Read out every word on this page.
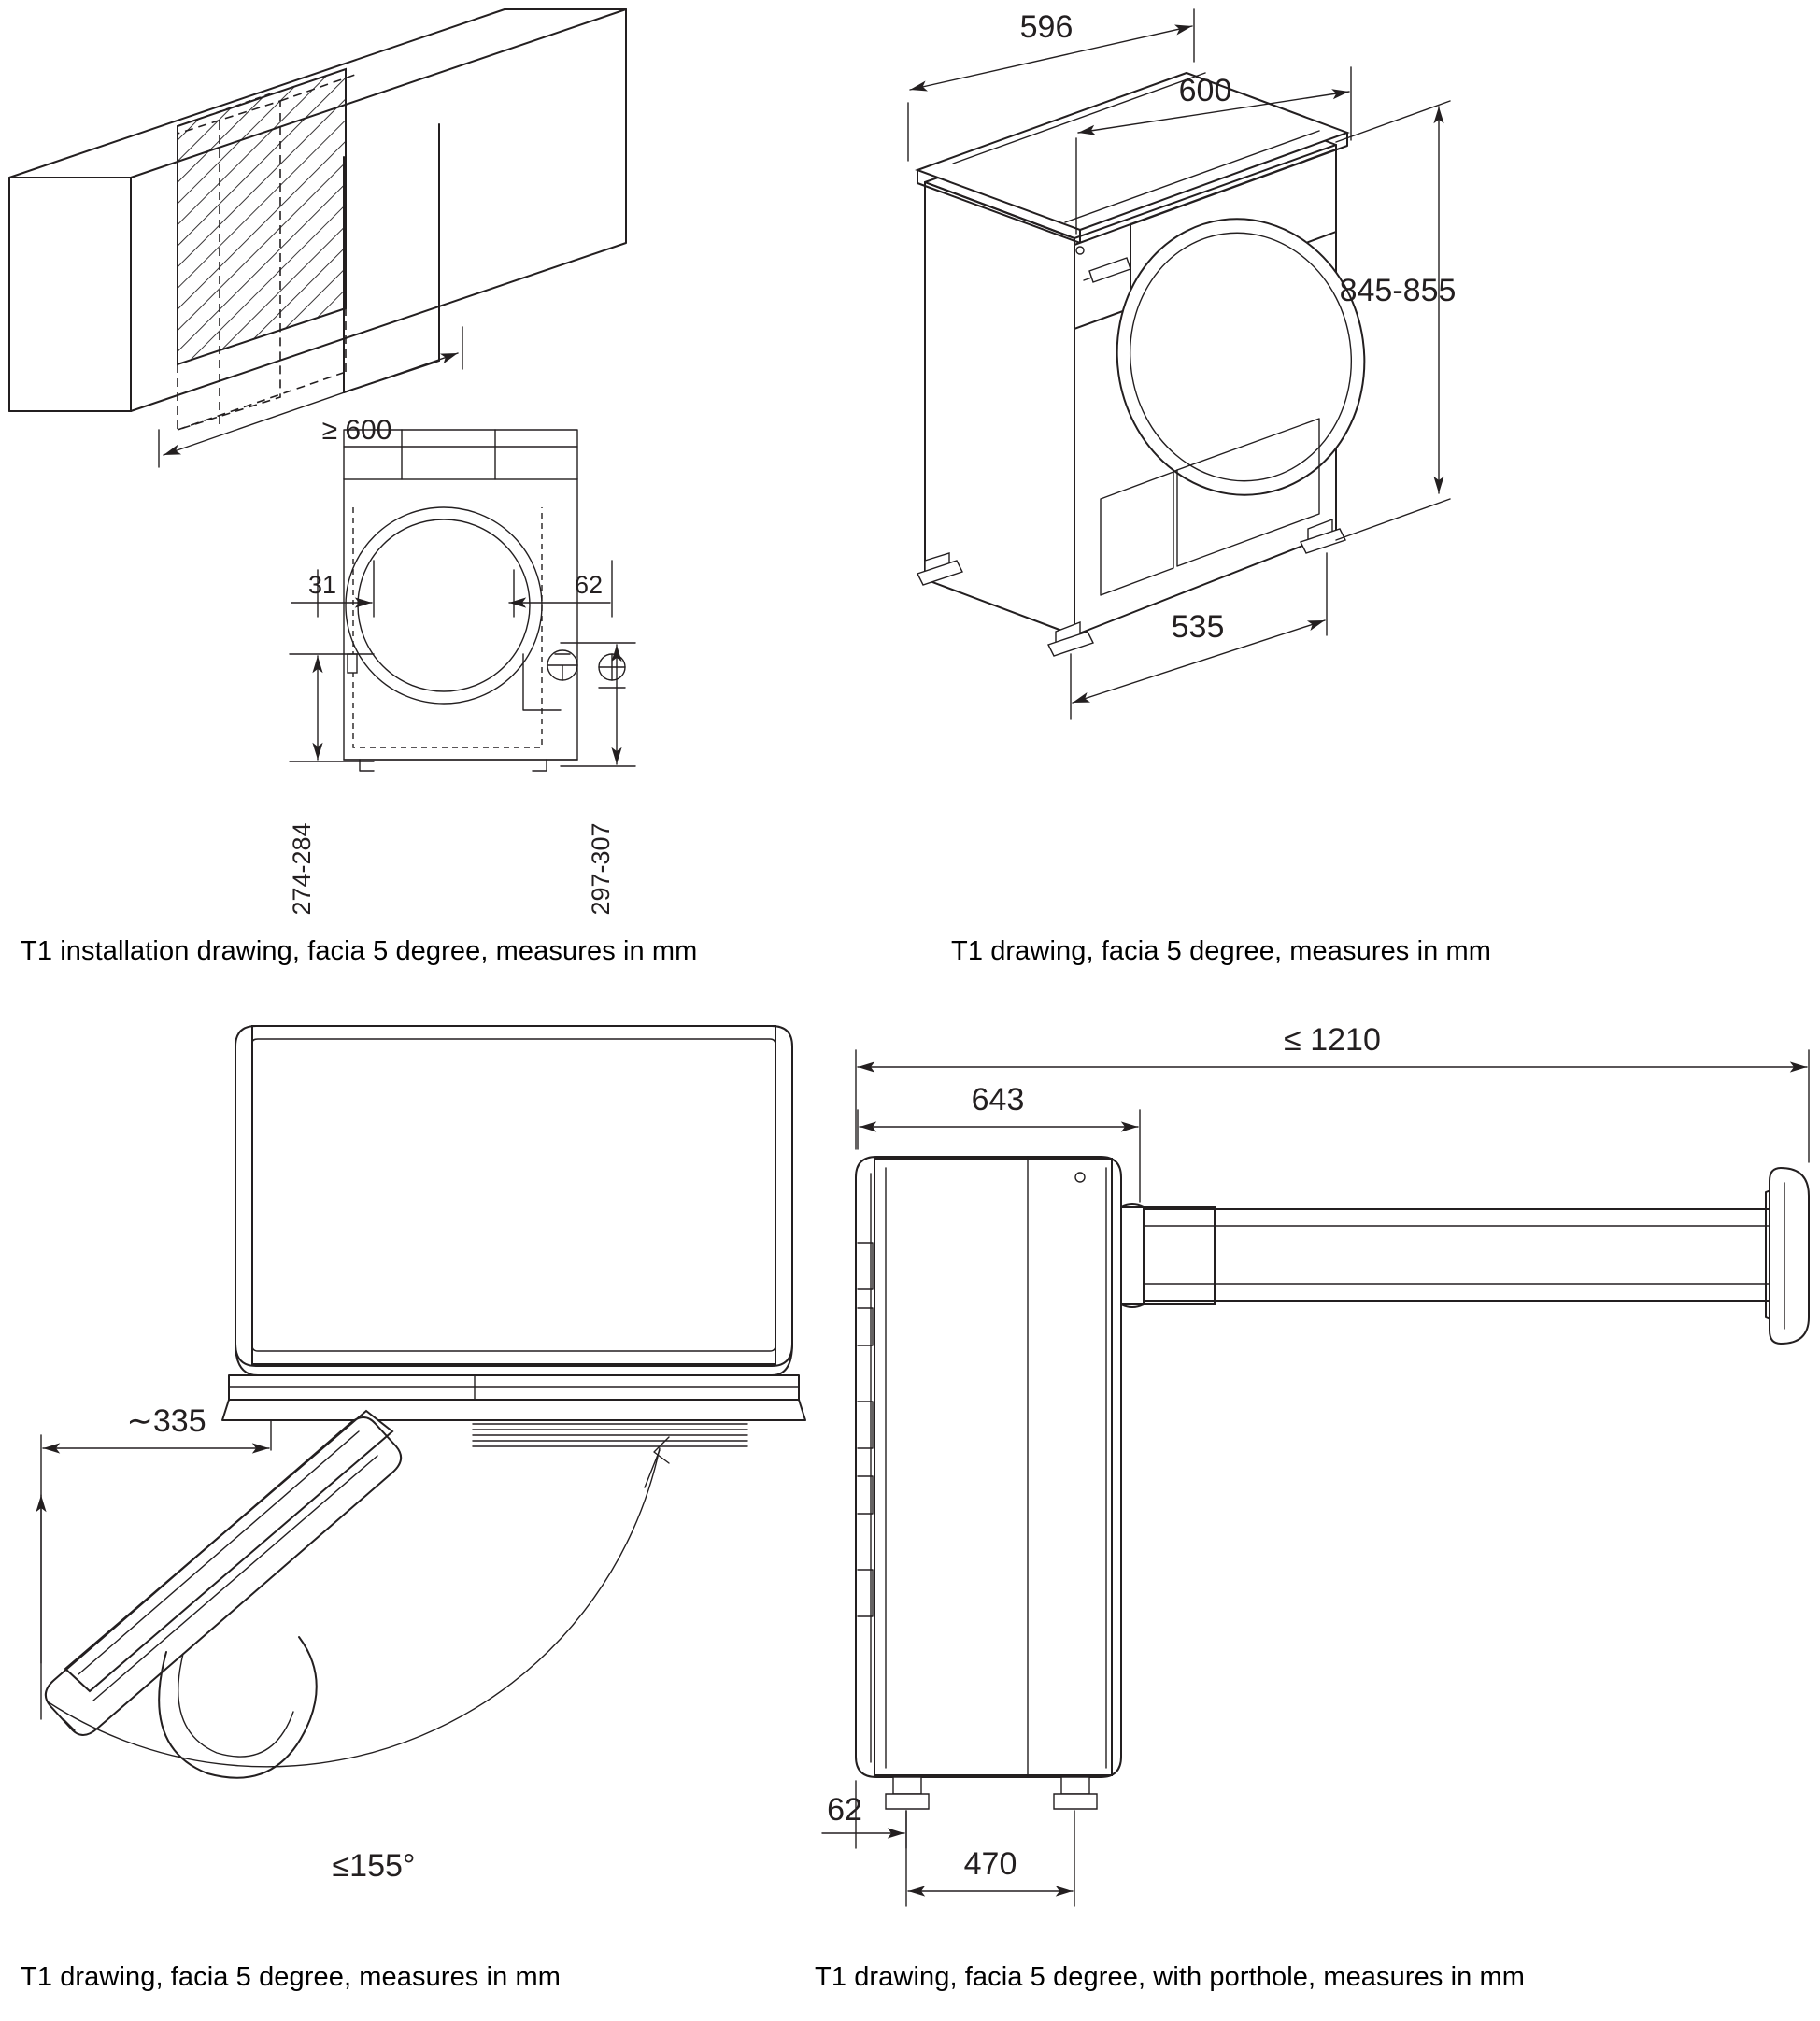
≥ 600
31	62
274-284	297-307
T1 installation drawing, facia 5 degree, measures in mm
596
600
845-855
535
T1 drawing, facia 5 degree, measures in mm
∼335
≤155°
T1 drawing, facia 5 degree, measures in mm
≤ 1210
643
62
470
T1 drawing, facia 5 degree, with porthole, measures in mm
